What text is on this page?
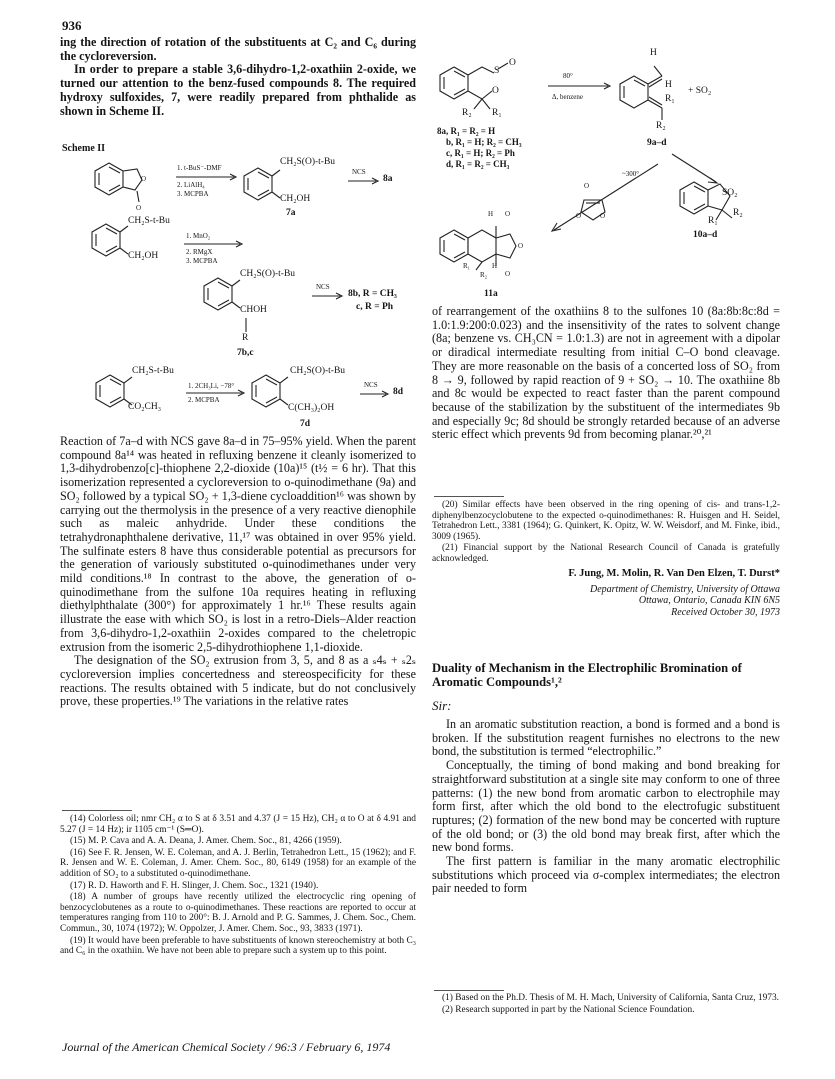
936

ing the direction of rotation of the substituents at C₂ and C₆ during the cycloreversion.

In order to prepare a stable 3,6-dihydro-1,2-oxathiin 2-oxide, we turned our attention to the benz-fused compounds 8. The required hydroxy sulfoxides, 7, were readily prepared from phthalide as shown in Scheme II.

Scheme II
O
O
1. t-BuS⁻-DMF
2. LiAlH₄
3. MCPBA
CH₂S(O)-t-Bu
CH₂OH
7a
NCS
8a
CH₂S-t-Bu
CH₂OH
1. MnO₂
2. RMgX
3. MCPBA
CH₂S(O)-t-Bu
CHOH
R
7b,c
NCS
8b, R = CH₃
c, R = Ph
CH₂S-t-Bu
CO₂CH₃
1. 2CH₃Li, −78°
2. MCPBA
CH₂S(O)-t-Bu
C(CH₃)₂OH
7d
NCS
8d

Reaction of 7a–d with NCS gave 8a–d in 75–95% yield. When the parent compound 8a¹⁴ was heated in refluxing benzene it cleanly isomerized to 1,3-dihydrobenzo[c]-thiophene 2,2-dioxide (10a)¹⁵ (t½ = 6 hr). That this isomerization represented a cycloreversion to o-quinodimethane (9a) and SO₂ followed by a typical SO₂ + 1,3-diene cycloaddition¹⁶ was shown by carrying out the thermolysis in the presence of a very reactive dienophile such as maleic anhydride. Under these conditions the tetrahydronaphthalene derivative, 11,¹⁷ was obtained in over 95% yield. The sulfinate esters 8 have thus considerable potential as precursors for the generation of variously substituted o-quinodimethanes under very mild conditions.¹⁸ In contrast to the above, the generation of o-quinodimethane from the sulfone 10a requires heating in refluxing diethylphthalate (300°) for approximately 1 hr.¹⁶ These results again illustrate the ease with which SO₂ is lost in a retro-Diels–Alder reaction from 3,6-dihydro-1,2-oxathiin 2-oxides compared to the cheletropic extrusion from the isomeric 2,5-dihydrothiophene 1,1-dioxide.

The designation of the SO₂ extrusion from 3, 5, and 8 as a ₛ4ₛ + ₛ2ₛ cycloreversion implies concertedness and stereospecificity for these reactions. The results obtained with 5 indicate, but do not conclusively prove, these properties.¹⁹ The variations in the relative rates

(14) Colorless oil; nmr CH₂ α to S at δ 3.51 and 4.37 (J = 15 Hz), CH₂ α to O at δ 4.91 and 5.27 (J = 14 Hz); ir 1105 cm⁻¹ (S═O).

(15) M. P. Cava and A. A. Deana, J. Amer. Chem. Soc., 81, 4266 (1959).

(16) See F. R. Jensen, W. E. Coleman, and A. J. Berlin, Tetrahedron Lett., 15 (1962); and F. R. Jensen and W. E. Coleman, J. Amer. Chem. Soc., 80, 6149 (1958) for an example of the addition of SO₂ to a substituted o-quinodimethane.

(17) R. D. Haworth and F. H. Slinger, J. Chem. Soc., 1321 (1940).

(18) A number of groups have recently utilized the electrocyclic ring opening of benzocyclobutenes as a route to o-quinodimethanes. These reactions are reported to occur at temperatures ranging from 110 to 200°: B. J. Arnold and P. G. Sammes, J. Chem. Soc., Chem. Commun., 30, 1074 (1972); W. Oppolzer, J. Amer. Chem. Soc., 93, 3833 (1971).

(19) It would have been preferable to have substituents of known stereochemistry at both C₃ and C₆ in the oxathiin. We have not been able to prepare such a system up to this point.

S
O
O
R₂ R₁
80°
Δ, benzene
H
H
R₁
R₂
+ SO₂
9a–d
8a, R₁ = R₂ = H
b, R₁ = H; R₂ = CH₃
c, R₁ = H; R₂ = Ph
d, R₁ = R₂ = CH₃
~300°
SO₂
R₁
R₂
10a–d
O
O	O
H O
O
R₁
R₂
H
O
11a

of rearrangement of the oxathiins 8 to the sulfones 10 (8a:8b:8c:8d = 1.0:1.9:200:0.023) and the insensitivity of the rates to solvent change (8a; benzene vs. CH₃CN = 1.0:1.3) are not in agreement with a dipolar or diradical intermediate resulting from initial C–O bond cleavage. They are more reasonable on the basis of a concerted loss of SO₂ from 8 → 9, followed by rapid reaction of 9 + SO₂ → 10. The oxathiine 8b and 8c would be expected to react faster than the parent compound because of the stabilization by the substituent of the intermediates 9b and especially 9c; 8d should be strongly retarded because of an adverse steric effect which prevents 9d from becoming planar.²⁰,²¹

(20) Similar effects have been observed in the ring opening of cis- and trans-1,2-diphenylbenzocyclobutene to the expected o-quinodimethanes: R. Huisgen and H. Seidel, Tetrahedron Lett., 3381 (1964); G. Quinkert, K. Opitz, W. W. Weisdorf, and M. Finke, ibid., 3009 (1965).

(21) Financial support by the National Research Council of Canada is gratefully acknowledged.

F. Jung, M. Molin, R. Van Den Elzen, T. Durst*
Department of Chemistry, University of Ottawa
Ottawa, Ontario, Canada KIN 6N5
Received October 30, 1973
Duality of Mechanism in the Electrophilic Bromination of Aromatic Compounds¹,²
Sir:

In an aromatic substitution reaction, a bond is formed and a bond is broken. If the substitution reagent furnishes no electrons to the new bond, the substitution is termed “electrophilic.”

Conceptually, the timing of bond making and bond breaking for straightforward substitution at a single site may conform to one of three patterns: (1) the new bond from aromatic carbon to electrophile may form first, after which the old bond to the electrofugic substituent ruptures; (2) formation of the new bond may be concerted with rupture of the old bond; or (3) the old bond may break first, after which the new bond forms.

The first pattern is familiar in the many aromatic electrophilic substitutions which proceed via σ-complex intermediates; the electron pair needed to form

(1) Based on the Ph.D. Thesis of M. H. Mach, University of California, Santa Cruz, 1973.

(2) Research supported in part by the National Science Foundation.

Journal of the American Chemical Society / 96:3 / February 6, 1974
